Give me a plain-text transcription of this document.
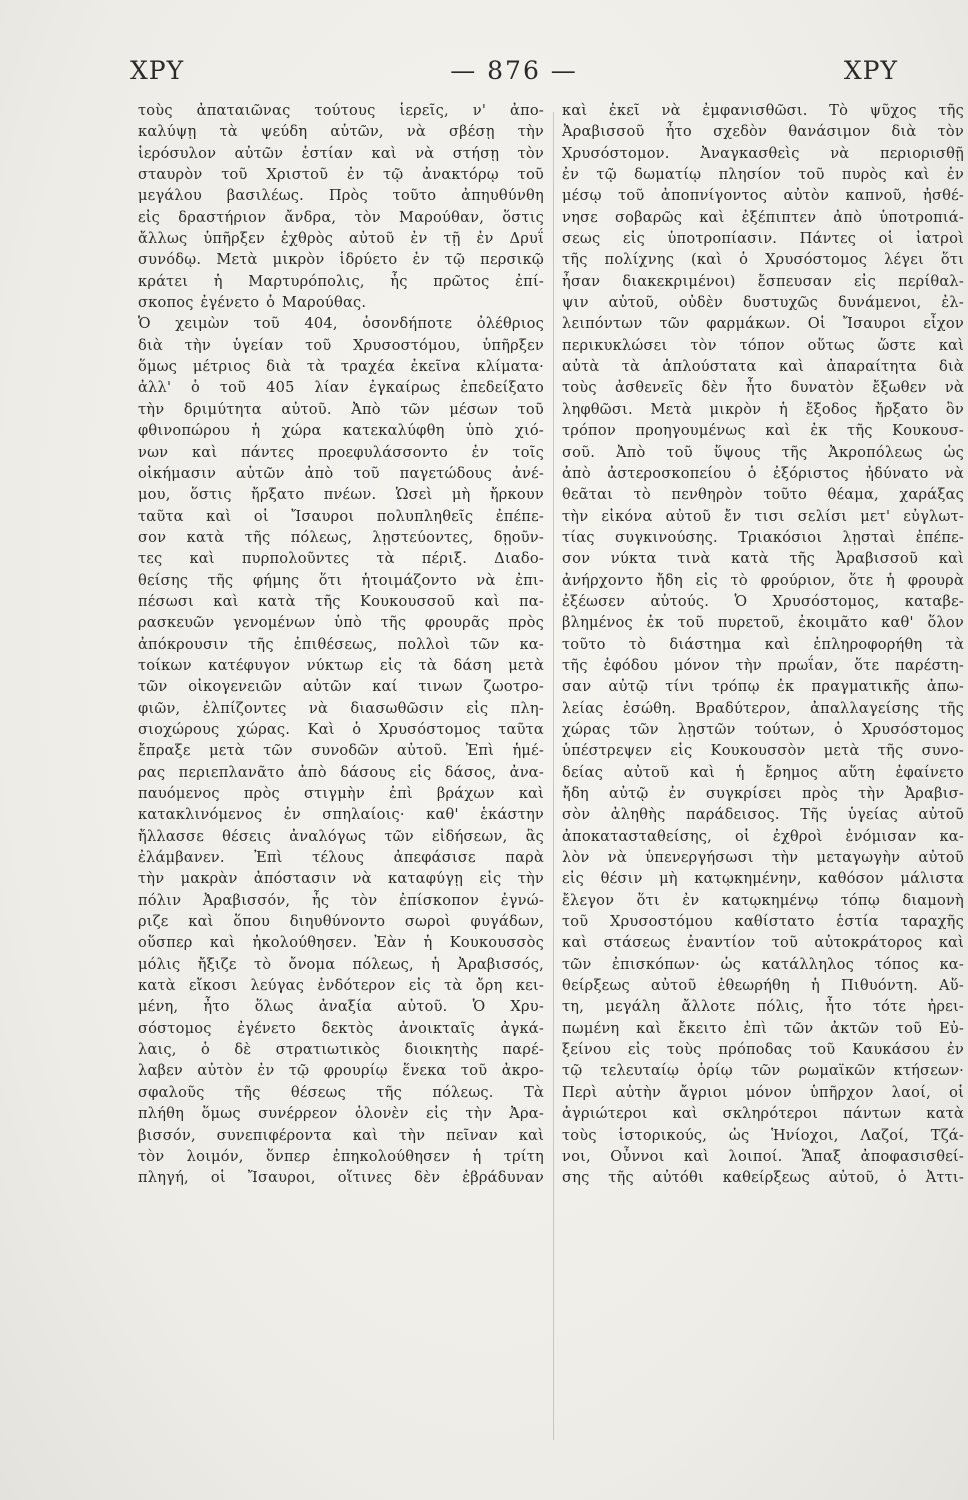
ΧΡΥ	— 876 —	ΧΡΥ
τοὺς ἀπαταιῶνας τούτους ἱερεῖς, ν' ἀπο-
καλύψῃ τὰ ψεύδη αὐτῶν, νὰ σβέσῃ τὴν
ἱερόσυλον αὐτῶν ἑστίαν καὶ νὰ στήσῃ τὸν
σταυρὸν τοῦ Χριστοῦ ἐν τῷ ἀνακτόρῳ τοῦ
μεγάλου βασιλέως. Πρὸς τοῦτο ἀπηυθύνθη
εἰς δραστήριον ἄνδρα, τὸν Μαρούθαν, ὅστις
ἄλλως ὑπῆρξεν ἐχθρὸς αὐτοῦ ἐν τῇ ἐν Δρυΐ
συνόδῳ. Μετὰ μικρὸν ἱδρύετο ἐν τῷ περσικῷ
κράτει ἡ Μαρτυρόπολις, ἧς πρῶτος ἐπί-
σκοπος ἐγένετο ὁ Μαρούθας.
Ὁ χειμὼν τοῦ 404, ὁσονδήποτε ὀλέθριος
διὰ τὴν ὑγείαν τοῦ Χρυσοστόμου, ὑπῆρξεν
ὅμως μέτριος διὰ τὰ τραχέα ἐκεῖνα κλίματα·
ἀλλ' ὁ τοῦ 405 λίαν ἐγκαίρως ἐπεδείξατο
τὴν δριμύτητα αὐτοῦ. Ἀπὸ τῶν μέσων τοῦ
φθινοπώρου ἡ χώρα κατεκαλύφθη ὑπὸ χιό-
νων καὶ πάντες προεφυλάσσοντο ἐν τοῖς
οἰκήμασιν αὐτῶν ἀπὸ τοῦ παγετώδους ἀνέ-
μου, ὅστις ἤρξατο πνέων. Ὡσεὶ μὴ ἤρκουν
ταῦτα καὶ οἱ Ἴσαυροι πολυπληθεῖς ἐπέπε-
σον κατὰ τῆς πόλεως, λῃστεύοντες, δῃοῦν-
τες καὶ πυρπολοῦντες τὰ πέριξ. Διαδο-
θείσης τῆς φήμης ὅτι ἡτοιμάζοντο νὰ ἐπι-
πέσωσι καὶ κατὰ τῆς Κουκουσσοῦ καὶ πα-
ρασκευῶν γενομένων ὑπὸ τῆς φρουρᾶς πρὸς
ἀπόκρουσιν τῆς ἐπιθέσεως, πολλοὶ τῶν κα-
τοίκων κατέφυγον νύκτωρ εἰς τὰ δάση μετὰ
τῶν οἰκογενειῶν αὐτῶν καί τινων ζωοτρο-
φιῶν, ἐλπίζοντες νὰ διασωθῶσιν εἰς πλη-
σιοχώρους χώρας. Καὶ ὁ Χρυσόστομος ταῦτα
ἔπραξε μετὰ τῶν συνοδῶν αὐτοῦ. Ἐπὶ ἡμέ-
ρας περιεπλανᾶτο ἀπὸ δάσους εἰς δάσος, ἀνα-
παυόμενος πρὸς στιγμὴν ἐπὶ βράχων καὶ
κατακλινόμενος ἐν σπηλαίοις· καθ' ἑκάστην
ἤλλασσε θέσεις ἀναλόγως τῶν εἰδήσεων, ἃς
ἐλάμβανεν. Ἐπὶ τέλους ἀπεφάσισε παρὰ
τὴν μακρὰν ἀπόστασιν νὰ καταφύγῃ εἰς τὴν
πόλιν Ἀραβισσόν, ἧς τὸν ἐπίσκοπον ἐγνώ-
ριζε καὶ ὅπου διηυθύνοντο σωροὶ φυγάδων,
οὕσπερ καὶ ἠκολούθησεν. Ἐὰν ἡ Κουκουσσὸς
μόλις ἤξιζε τὸ ὄνομα πόλεως, ἡ Ἀραβισσός,
κατὰ εἴκοσι λεύγας ἐνδότερον εἰς τὰ ὄρη κει-
μένη, ἦτο ὅλως ἀναξία αὐτοῦ. Ὁ Χρυ-
σόστομος ἐγένετο δεκτὸς ἀνοικταῖς ἀγκά-
λαις, ὁ δὲ στρατιωτικὸς διοικητὴς παρέ-
λαβεν αὐτὸν ἐν τῷ φρουρίῳ ἕνεκα τοῦ ἀκρο-
σφαλοῦς τῆς θέσεως τῆς πόλεως. Τὰ
πλήθη ὅμως συνέρρεον ὁλονὲν εἰς τὴν Ἀρα-
βισσόν, συνεπιφέροντα καὶ τὴν πεῖναν καὶ
τὸν λοιμόν, ὅνπερ ἐπηκολούθησεν ἡ τρίτη
πληγή, οἱ Ἴσαυροι, οἵτινες δὲν ἐβράδυναν
καὶ ἐκεῖ νὰ ἐμφανισθῶσι. Τὸ ψῦχος τῆς
Ἀραβισσοῦ ἦτο σχεδὸν θανάσιμον διὰ τὸν
Χρυσόστομον. Ἀναγκασθεὶς νὰ περιορισθῇ
ἐν τῷ δωματίῳ πλησίον τοῦ πυρὸς καὶ ἐν
μέσῳ τοῦ ἀποπνίγοντος αὐτὸν καπνοῦ, ἠσθέ-
νησε σοβαρῶς καὶ ἐξέπιπτεν ἀπὸ ὑποτροπιά-
σεως εἰς ὑποτροπίασιν. Πάντες οἱ ἰατροὶ
τῆς πολίχνης (καὶ ὁ Χρυσόστομος λέγει ὅτι
ἦσαν διακεκριμένοι) ἔσπευσαν εἰς περίθαλ-
ψιν αὐτοῦ, οὐδὲν δυστυχῶς δυνάμενοι, ἐλ-
λειπόντων τῶν φαρμάκων. Οἱ Ἴσαυροι εἶχον
περικυκλώσει τὸν τόπον οὕτως ὥστε καὶ
αὐτὰ τὰ ἁπλούστατα καὶ ἀπαραίτητα διὰ
τοὺς ἀσθενεῖς δὲν ἦτο δυνατὸν ἔξωθεν νὰ
ληφθῶσι. Μετὰ μικρὸν ἡ ἔξοδος ἤρξατο ὃν
τρόπον προηγουμένως καὶ ἐκ τῆς Κουκουσ-
σοῦ. Ἀπὸ τοῦ ὕψους τῆς Ἀκροπόλεως ὡς
ἀπὸ ἀστεροσκοπείου ὁ ἐξόριστος ἠδύνατο νὰ
θεᾶται τὸ πενθηρὸν τοῦτο θέαμα, χαράξας
τὴν εἰκόνα αὐτοῦ ἔν τισι σελίσι μετ' εὐγλωτ-
τίας συγκινούσης. Τριακόσιοι λῃσταὶ ἐπέπε-
σον νύκτα τινὰ κατὰ τῆς Ἀραβισσοῦ καὶ
ἀνήρχοντο ἤδη εἰς τὸ φρούριον, ὅτε ἡ φρουρὰ
ἐξέωσεν αὐτούς. Ὁ Χρυσόστομος, καταβε-
βλημένος ἐκ τοῦ πυρετοῦ, ἐκοιμᾶτο καθ' ὅλον
τοῦτο τὸ διάστημα καὶ ἐπληροφορήθη τὰ
τῆς ἐφόδου μόνον τὴν πρωΐαν, ὅτε παρέστη-
σαν αὐτῷ τίνι τρόπῳ ἐκ πραγματικῆς ἀπω-
λείας ἐσώθη. Βραδύτερον, ἀπαλλαγείσης τῆς
χώρας τῶν λῃστῶν τούτων, ὁ Χρυσόστομος
ὑπέστρεψεν εἰς Κουκουσσὸν μετὰ τῆς συνο-
δείας αὐτοῦ καὶ ἡ ἔρημος αὕτη ἐφαίνετο
ἤδη αὐτῷ ἐν συγκρίσει πρὸς τὴν Ἀραβισ-
σὸν ἀληθὴς παράδεισος. Τῆς ὑγείας αὐτοῦ
ἀποκατασταθείσης, οἱ ἐχθροὶ ἐνόμισαν κα-
λὸν νὰ ὑπενεργήσωσι τὴν μεταγωγὴν αὐτοῦ
εἰς θέσιν μὴ κατῳκημένην, καθόσον μάλιστα
ἔλεγον ὅτι ἐν κατῳκημένῳ τόπῳ διαμονὴ
τοῦ Χρυσοστόμου καθίστατο ἑστία ταραχῆς
καὶ στάσεως ἐναντίον τοῦ αὐτοκράτορος καὶ
τῶν ἐπισκόπων· ὡς κατάλληλος τόπος κα-
θείρξεως αὐτοῦ ἐθεωρήθη ἡ Πιθυόντη. Αὕ-
τη, μεγάλη ἄλλοτε πόλις, ἦτο τότε ἠρει-
πωμένη καὶ ἔκειτο ἐπὶ τῶν ἀκτῶν τοῦ Εὐ-
ξείνου εἰς τοὺς πρόποδας τοῦ Καυκάσου ἐν
τῷ τελευταίῳ ὁρίῳ τῶν ρωμαϊκῶν κτήσεων·
Περὶ αὐτὴν ἄγριοι μόνον ὑπῆρχον λαοί, οἱ
ἀγριώτεροι καὶ σκληρότεροι πάντων κατὰ
τοὺς ἱστορικούς, ὡς Ἡνίοχοι, Λαζοί, Τζά-
νοι, Οὖννοι καὶ λοιποί. Ἅπαξ ἀποφασισθεί-
σης τῆς αὐτόθι καθείρξεως αὐτοῦ, ὁ Ἀττι-
